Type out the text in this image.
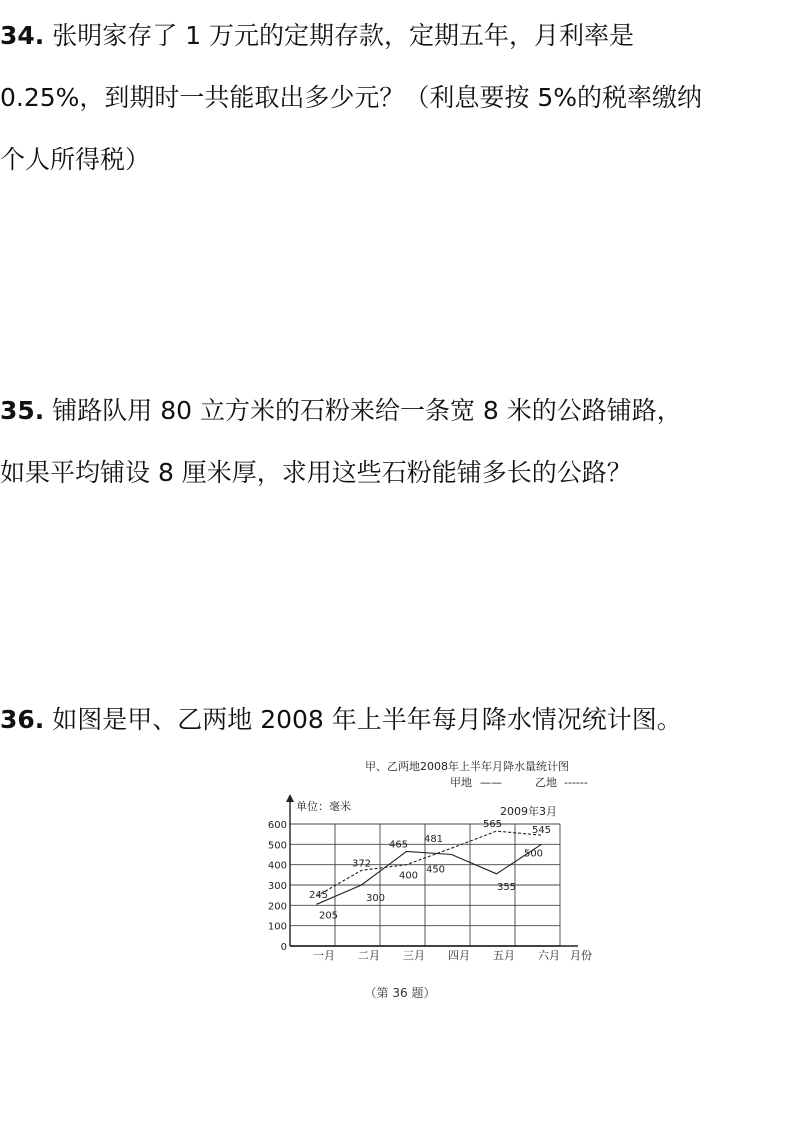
34. 张明家存了 1 万元的定期存款，定期五年，月利率是
0.25%，到期时一共能取出多少元？（利息要按 5%的税率缴纳
个人所得税）
35. 铺路队用 80 立方米的石粉来给一条宽 8 米的公路铺路，
如果平均铺设 8 厘米厚，求用这些石粉能铺多长的公路？
36. 如图是甲、乙两地 2008 年上半年每月降水情况统计图。
甲、乙两地2008年上半年月降水量统计图
甲地 ——	乙地 ------
单位：毫米	2009年3月
月份
0
100
200
300
400
500
600
一月 二月 三月 四月 五月 六月
205
300
465
450
355
500
245
372
400
481
565
545
（第 36 题）
